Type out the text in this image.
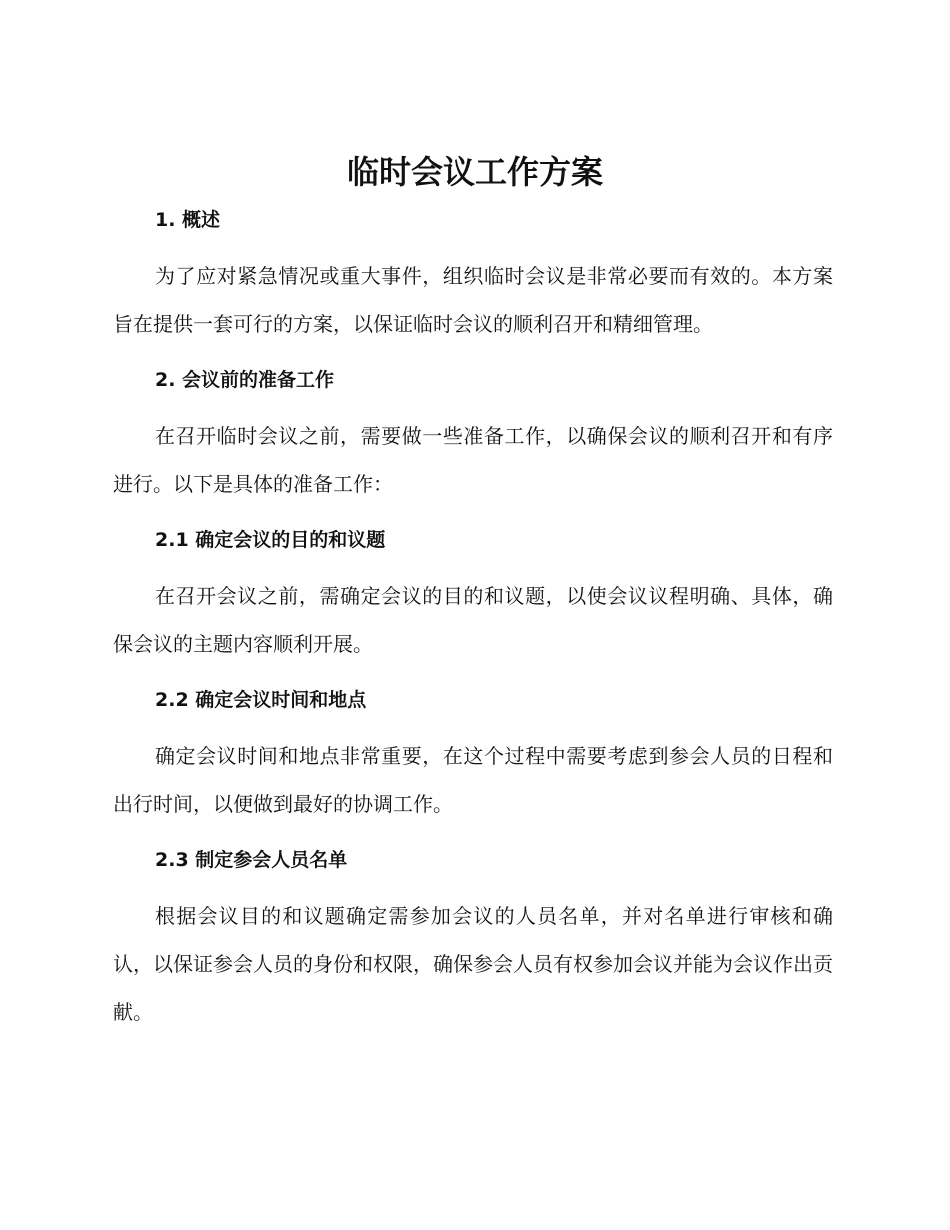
临时会议工作方案
1. 概述

为了应对紧急情况或重大事件，组织临时会议是非常必要而有效的。本方案旨在提供一套可行的方案，以保证临时会议的顺利召开和精细管理。

2. 会议前的准备工作

在召开临时会议之前，需要做一些准备工作，以确保会议的顺利召开和有序进行。以下是具体的准备工作：

2.1 确定会议的目的和议题

在召开会议之前，需确定会议的目的和议题，以使会议议程明确、具体，确保会议的主题内容顺利开展。

2.2 确定会议时间和地点

确定会议时间和地点非常重要，在这个过程中需要考虑到参会人员的日程和出行时间，以便做到最好的协调工作。

2.3 制定参会人员名单

根据会议目的和议题确定需参加会议的人员名单，并对名单进行审核和确认，以保证参会人员的身份和权限，确保参会人员有权参加会议并能为会议作出贡献。
